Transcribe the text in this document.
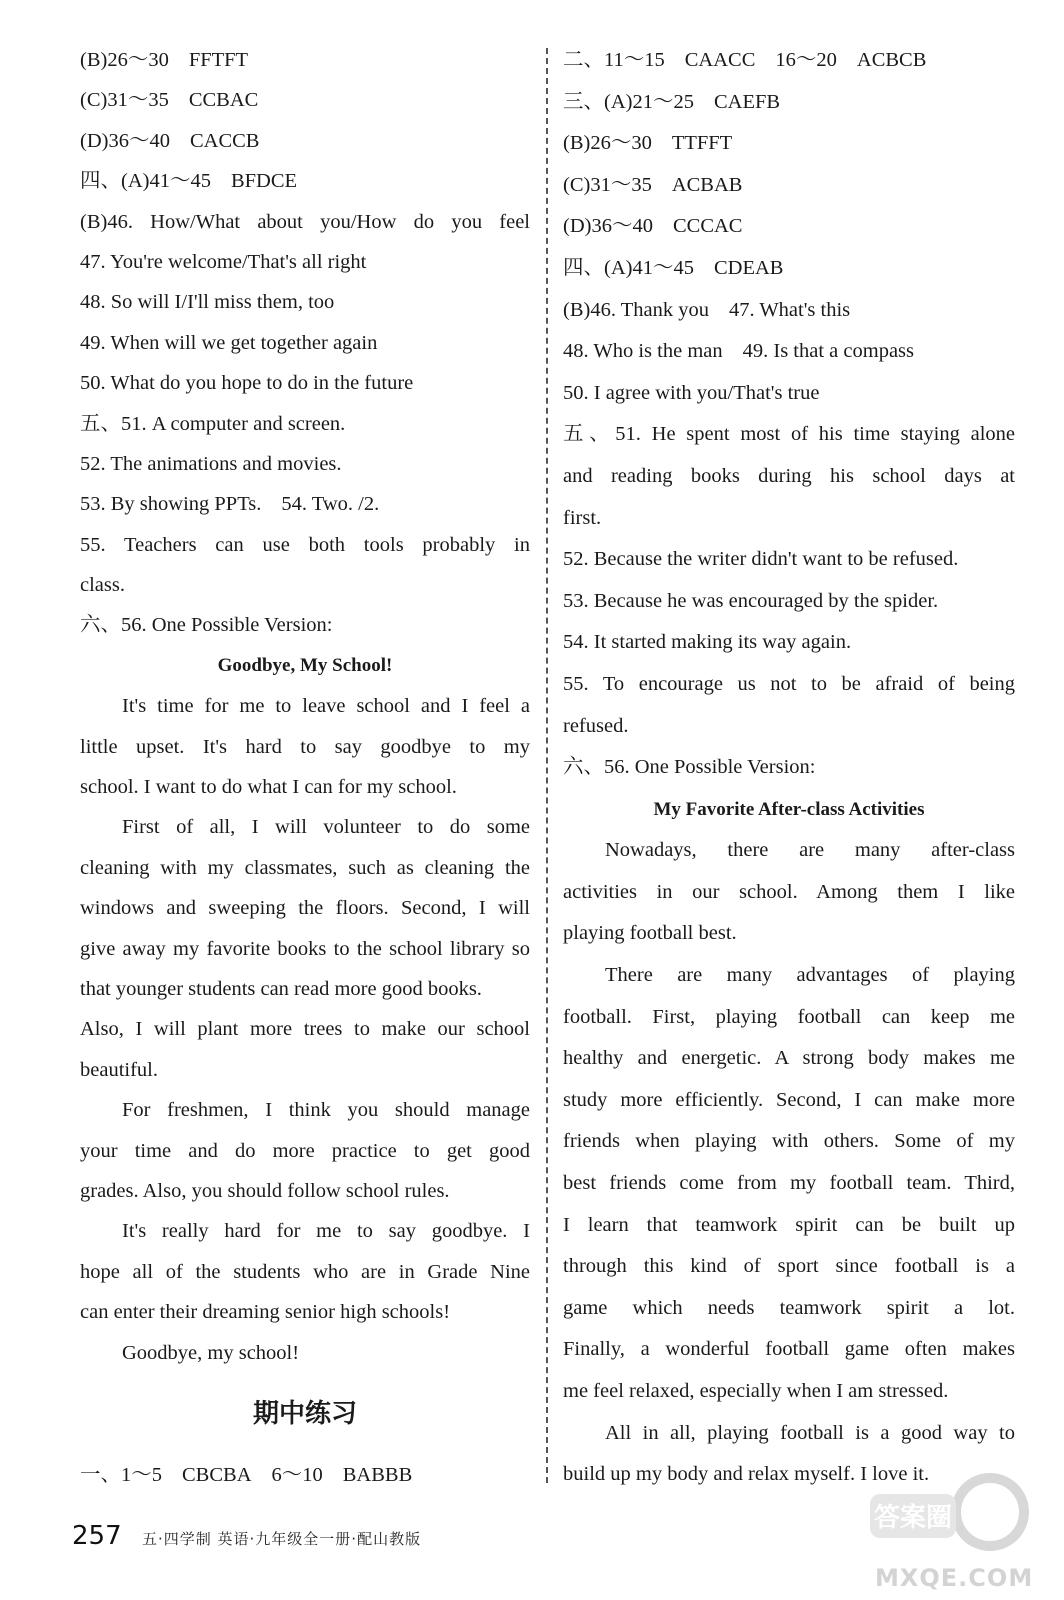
(B)26～30 FFTFT
(C)31～35 CCBAC
(D)36～40 CACCB
四、(A)41～45 BFDCE
(B)46. How/What about you/How do you feel
47. You're welcome/That's all right
48. So will I/I'll miss them, too
49. When will we get together again
50. What do you hope to do in the future
五、51. A computer and screen.
52. The animations and movies.
53. By showing PPTs. 54. Two. /2.
55. Teachers can use both tools probably in
class.
六、56. One Possible Version:
Goodbye, My School!
It's time for me to leave school and I feel a
little upset. It's hard to say goodbye to my
school. I want to do what I can for my school.
First of all, I will volunteer to do some
cleaning with my classmates, such as cleaning the
windows and sweeping the floors. Second, I will
give away my favorite books to the school library so
that younger students can read more good books.
Also, I will plant more trees to make our school
beautiful.
For freshmen, I think you should manage
your time and do more practice to get good
grades. Also, you should follow school rules.
It's really hard for me to say goodbye. I
hope all of the students who are in Grade Nine
can enter their dreaming senior high schools!
Goodbye, my school!
期中练习
一、1～5 CBCBA 6～10 BABBB
二、11～15 CAACC 16～20 ACBCB
三、(A)21～25 CAEFB
(B)26～30 TTFFT
(C)31～35 ACBAB
(D)36～40 CCCAC
四、(A)41～45 CDEAB
(B)46. Thank you 47. What's this
48. Who is the man 49. Is that a compass
50. I agree with you/That's true
五、51. He spent most of his time staying alone
and reading books during his school days at
first.
52. Because the writer didn't want to be refused.
53. Because he was encouraged by the spider.
54. It started making its way again.
55. To encourage us not to be afraid of being
refused.
六、56. One Possible Version:
My Favorite After-class Activities
Nowadays, there are many after-class
activities in our school. Among them I like
playing football best.
There are many advantages of playing
football. First, playing football can keep me
healthy and energetic. A strong body makes me
study more efficiently. Second, I can make more
friends when playing with others. Some of my
best friends come from my football team. Third,
I learn that teamwork spirit can be built up
through this kind of sport since football is a
game which needs teamwork spirit a lot.
Finally, a wonderful football game often makes
me feel relaxed, especially when I am stressed.
All in all, playing football is a good way to
build up my body and relax myself. I love it.
257 五·四学制 英语·九年级全一册·配山教版
答案圈
MXQE.COM
